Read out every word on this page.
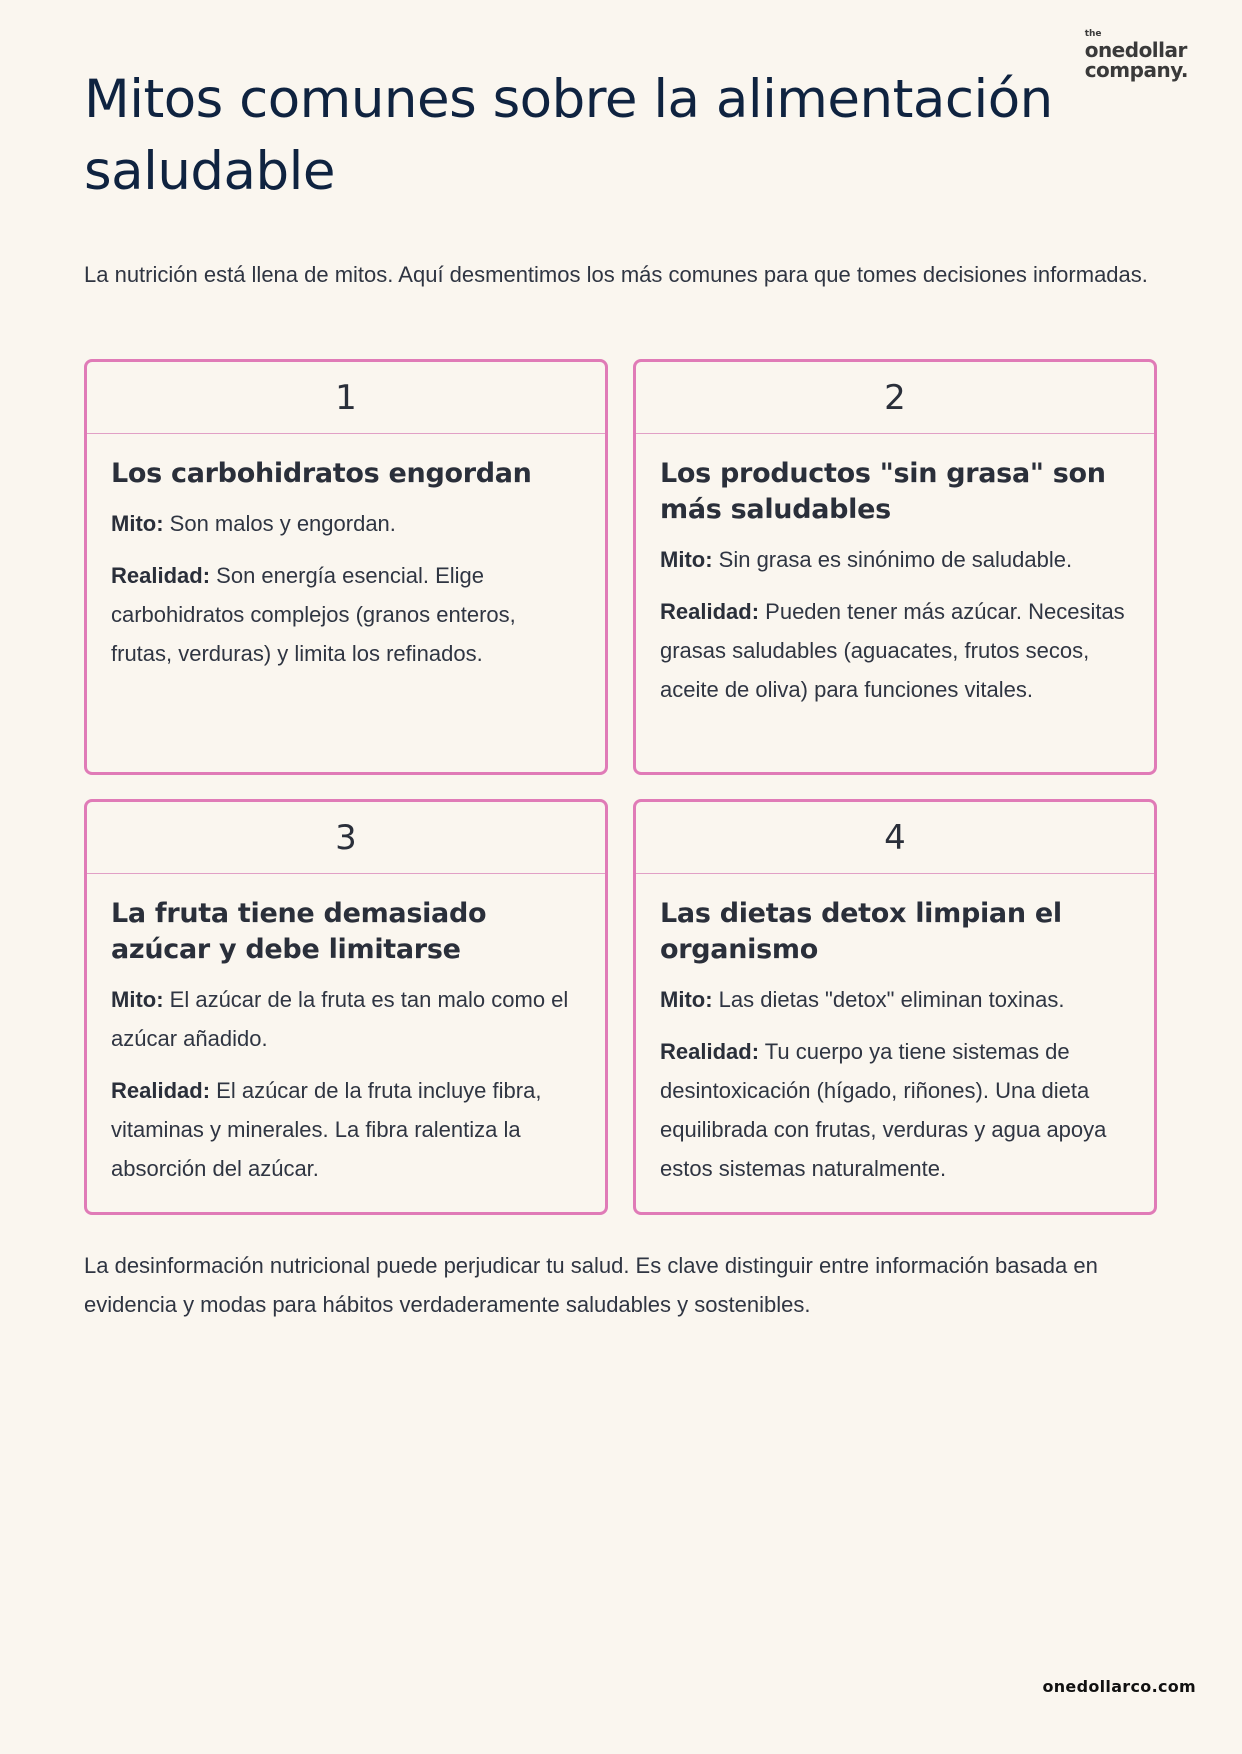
the
onedollar
company.
Mitos comunes sobre la alimentación saludable

La nutrición está llena de mitos. Aquí desmentimos los más comunes para que tomes decisiones informadas.

1
Los carbohidratos engordan

Mito: Son malos y engordan.

Realidad: Son energía esencial. Elige carbohidratos complejos (granos enteros, frutas, verduras) y limita los refinados.

2
Los productos "sin grasa" son más saludables

Mito: Sin grasa es sinónimo de saludable.

Realidad: Pueden tener más azúcar. Necesitas grasas saludables (aguacates, frutos secos, aceite de oliva) para funciones vitales.

3
La fruta tiene demasiado azúcar y debe limitarse

Mito: El azúcar de la fruta es tan malo como el azúcar añadido.

Realidad: El azúcar de la fruta incluye fibra, vitaminas y minerales. La fibra ralentiza la absorción del azúcar.

4
Las dietas detox limpian el organismo

Mito: Las dietas "detox" eliminan toxinas.

Realidad: Tu cuerpo ya tiene sistemas de desintoxicación (hígado, riñones). Una dieta equilibrada con frutas, verduras y agua apoya estos sistemas naturalmente.

La desinformación nutricional puede perjudicar tu salud. Es clave distinguir entre información basada en evidencia y modas para hábitos verdaderamente saludables y sostenibles.

onedollarco.com
